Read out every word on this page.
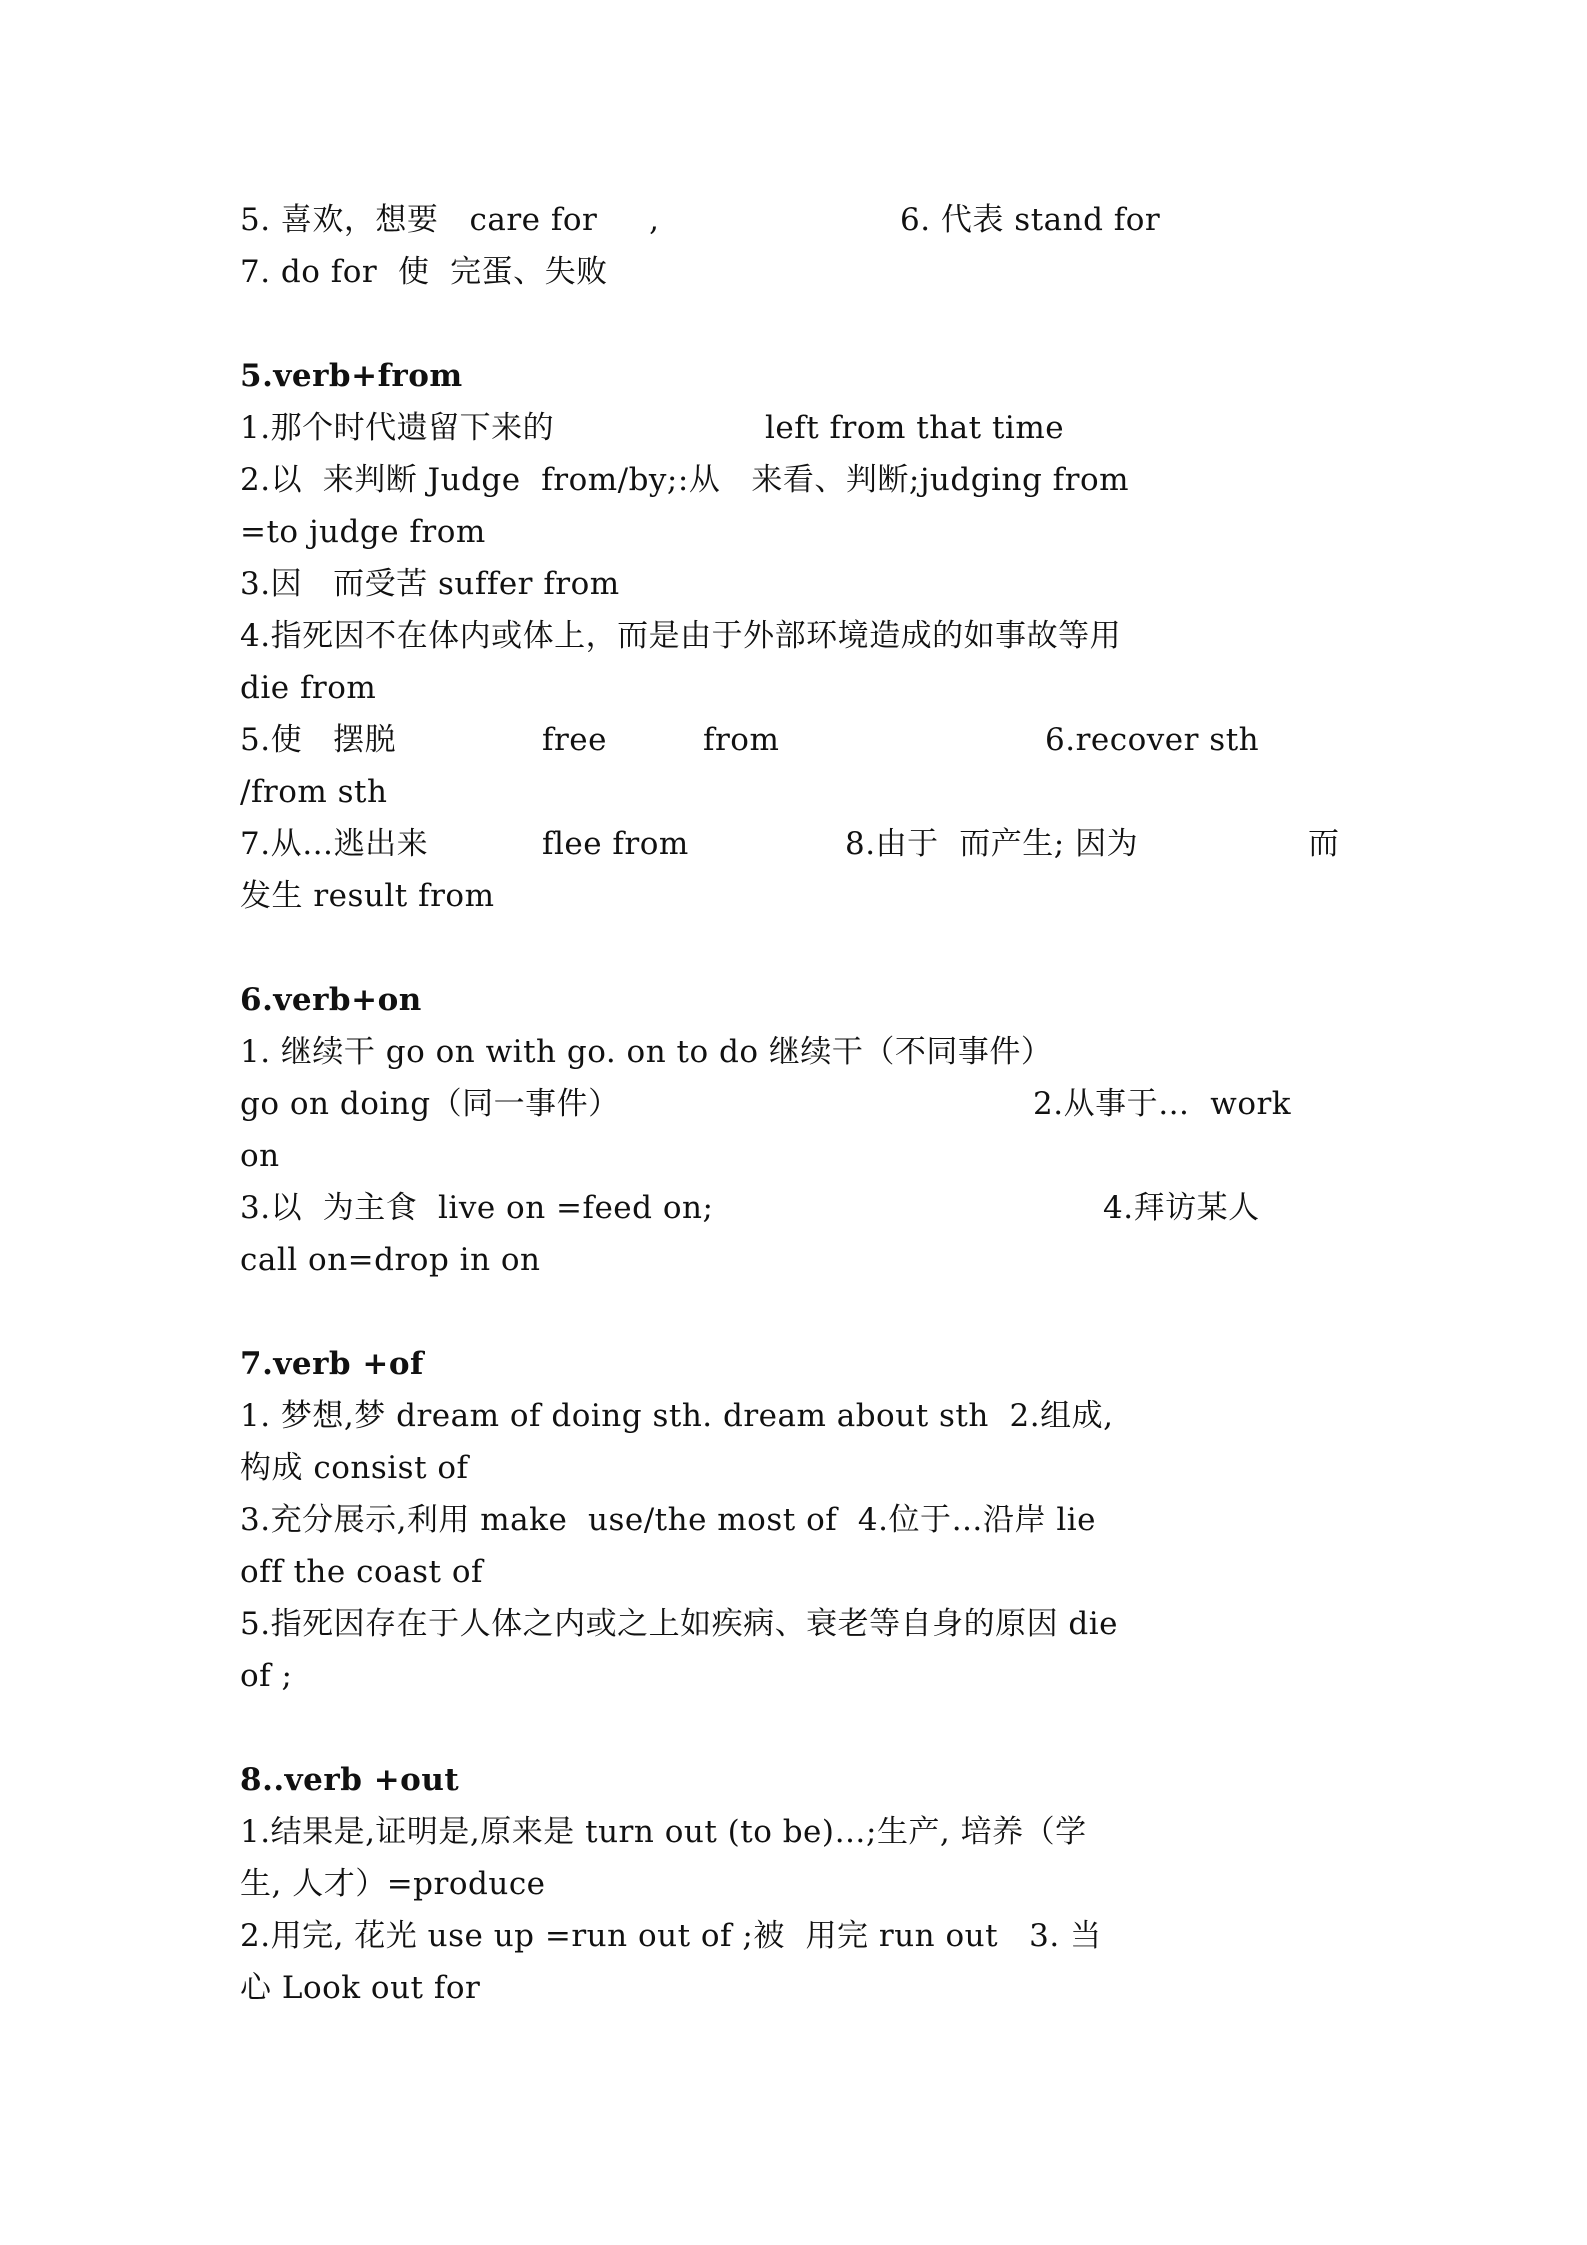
5. 喜欢，想要   care for     ,

	6. 代表 stand for

7. do for  使  完蛋、失败

5.verb+from

1.那个时代遗留下来的

	left from that time

2.以  来判断 Judge  from/by;:从   来看、判断;judging from

=to judge from

3.因   而受苦 suffer from

4.指死因不在体内或体上，而是由于外部环境造成的如事故等用

die from

5.使   摆脱

	free

	from

	6.recover sth

/from sth

7.从…逃出来

	flee from

	8.由于  而产生; 因为

	而

发生 result from

6.verb+on

1. 继续干 go on with go. on to do 继续干（不同事件）

go on doing（同一事件）

	2.从事于…  work

on

3.以  为主食  live on =feed on;

	4.拜访某人

call on=drop in on

7.verb +of

1. 梦想,梦 dream of doing sth. dream about sth  2.组成,

构成 consist of

3.充分展示,利用 make  use/the most of  4.位于…沿岸 lie

off the coast of

5.指死因存在于人体之内或之上如疾病、衰老等自身的原因 die

of ;

8..verb +out

1.结果是,证明是,原来是 turn out (to be)…;生产, 培养（学

生, 人才）=produce

2.用完, 花光 use up =run out of ;被  用完 run out   3. 当

心 Look out for
